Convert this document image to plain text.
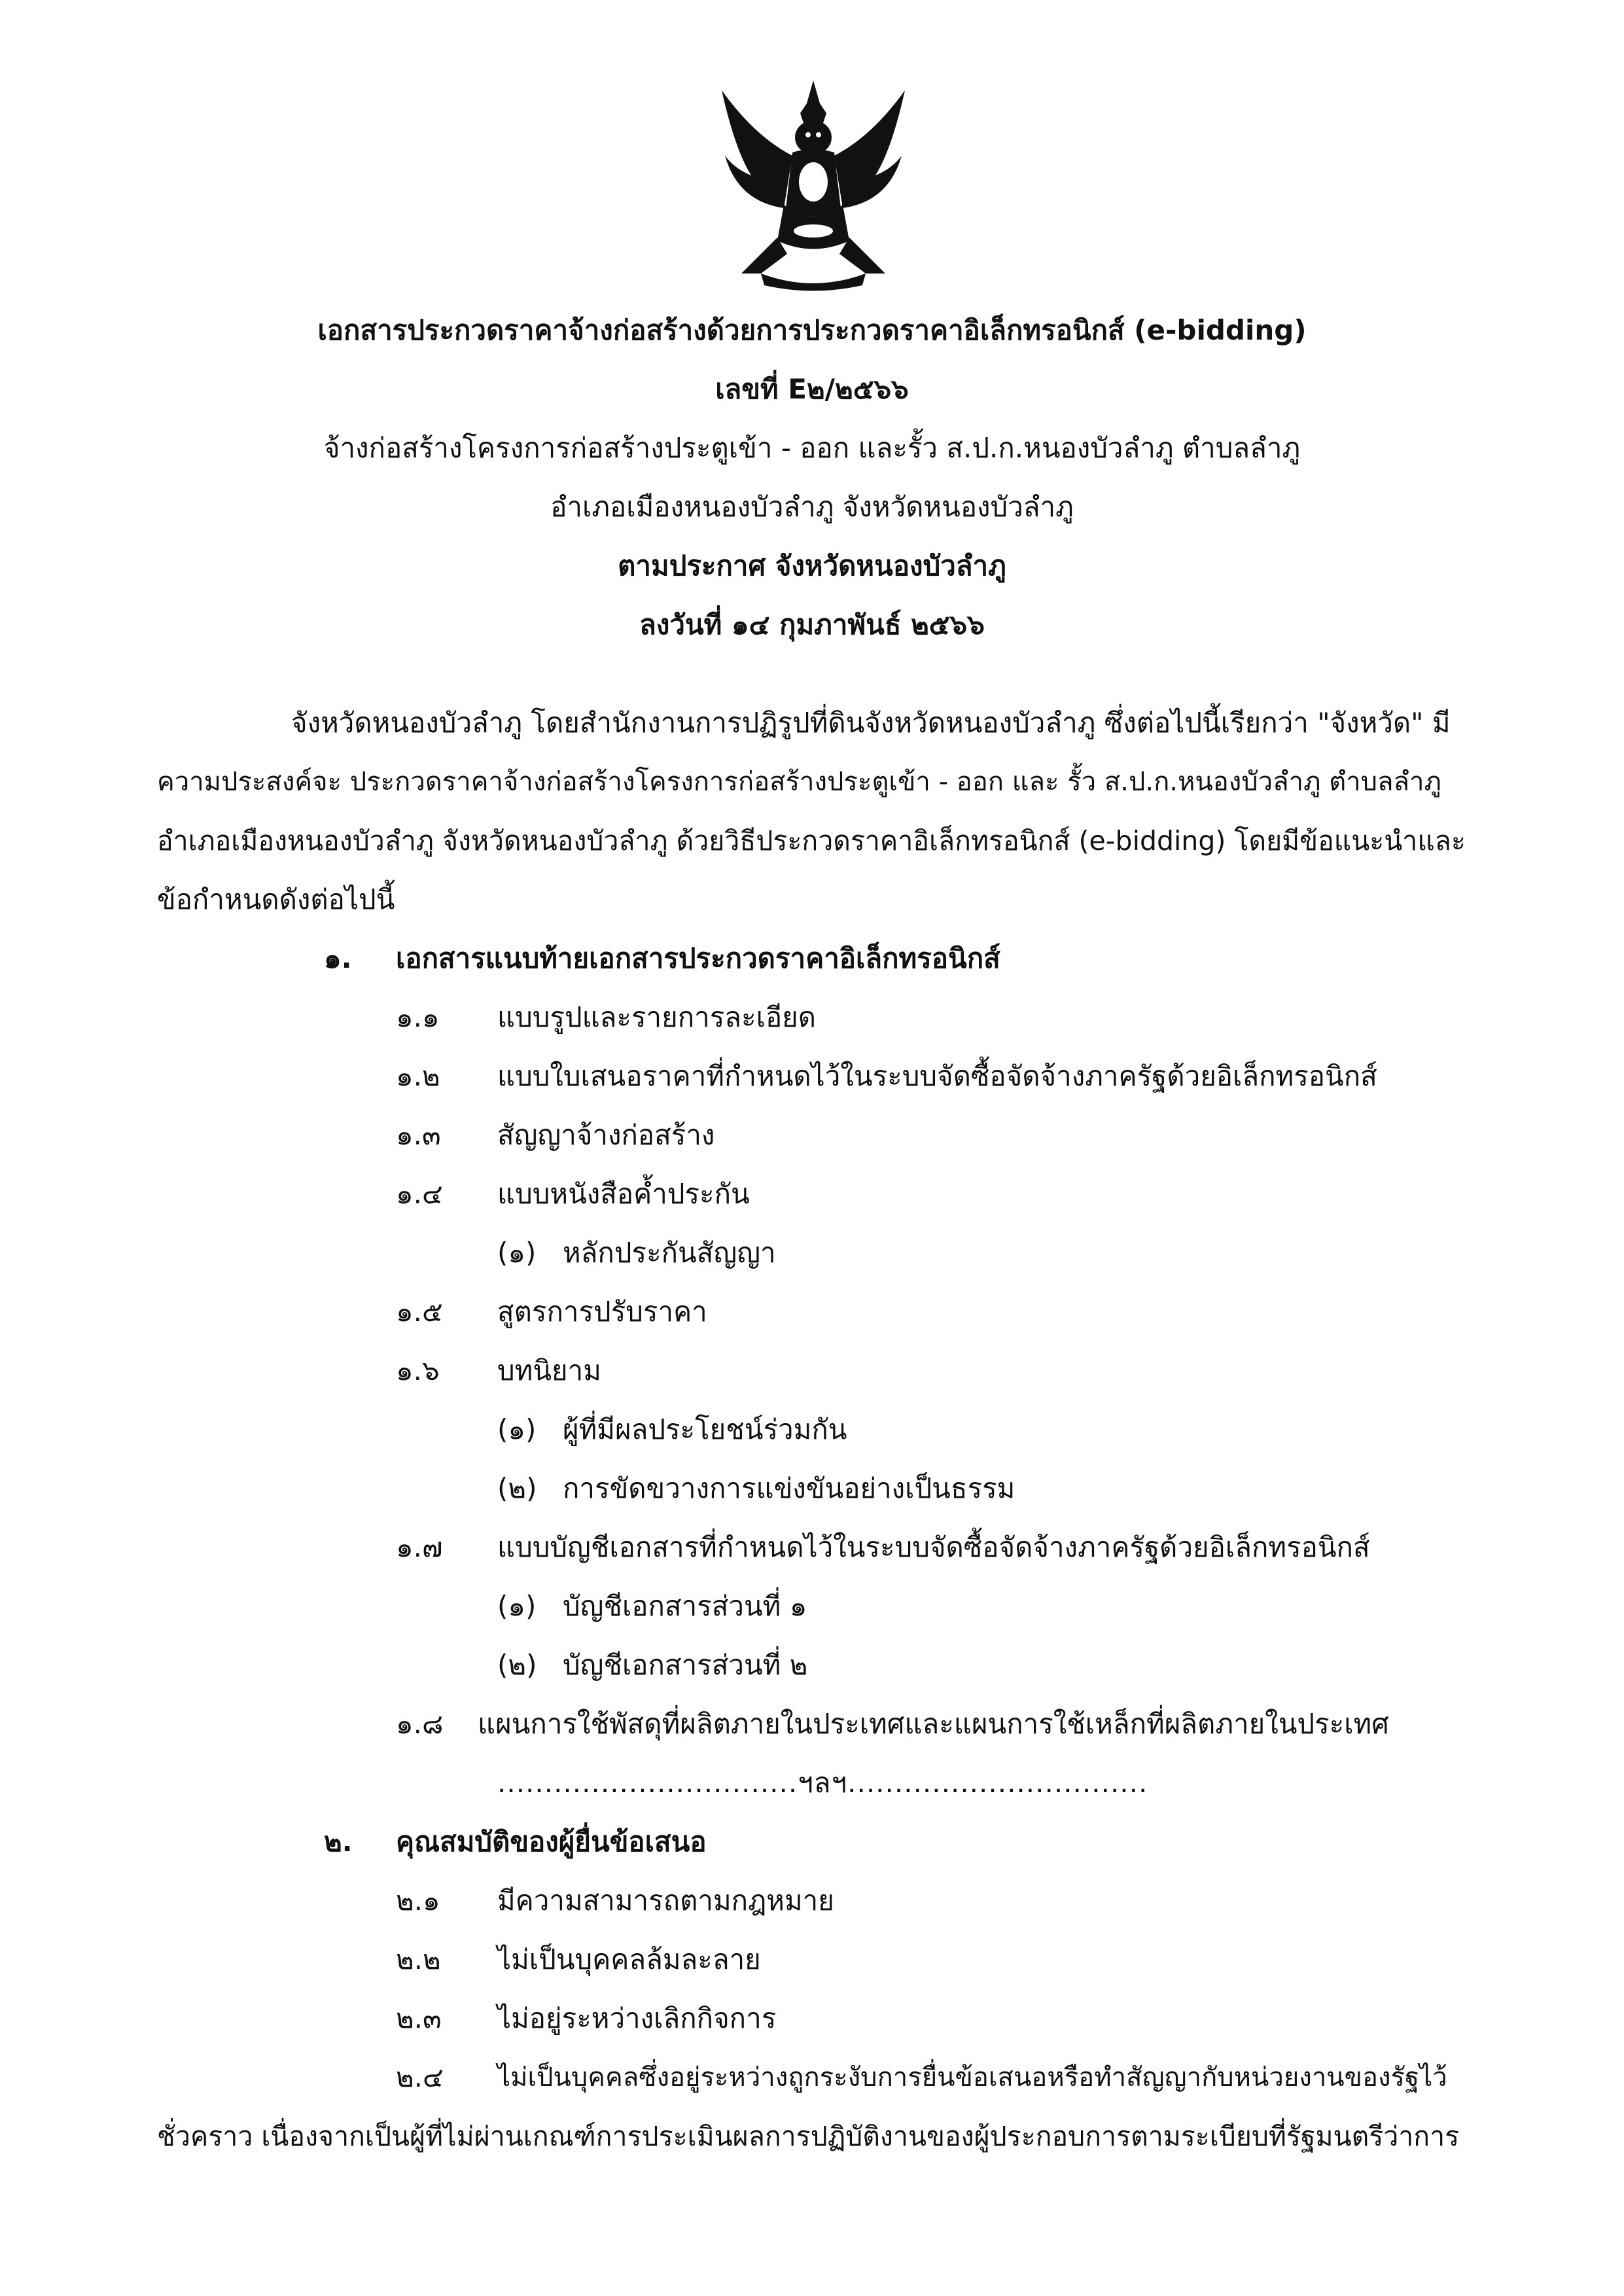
เอกสารประกวดราคาจ้างก่อสร้างด้วยการประกวดราคาอิเล็กทรอนิกส์ (e-bidding)
เลขที่ E๒/๒๕๖๖
จ้างก่อสร้างโครงการก่อสร้างประตูเข้า - ออก และรั้ว ส.ป.ก.หนองบัวลำภู ตำบลลำภู
อำเภอเมืองหนองบัวลำภู จังหวัดหนองบัวลำภู
ตามประกาศ จังหวัดหนองบัวลำภู
ลงวันที่ ๑๔ กุมภาพันธ์ ๒๕๖๖
จังหวัดหนองบัวลำภู โดยสำนักงานการปฏิรูปที่ดินจังหวัดหนองบัวลำภู ซึ่งต่อไปนี้เรียกว่า "จังหวัด" มี
ความประสงค์จะ ประกวดราคาจ้างก่อสร้างโครงการก่อสร้างประตูเข้า - ออก และ รั้ว ส.ป.ก.หนองบัวลำภู ตำบลลำภู
อำเภอเมืองหนองบัวลำภู จังหวัดหนองบัวลำภู ด้วยวิธีประกวดราคาอิเล็กทรอนิกส์ (e-bidding) โดยมีข้อแนะนำและ
ข้อกำหนดดังต่อไปนี้
๑. เอกสารแนบท้ายเอกสารประกวดราคาอิเล็กทรอนิกส์
๑.๑ แบบรูปและรายการละเอียด
๑.๒ แบบใบเสนอราคาที่กำหนดไว้ในระบบจัดซื้อจัดจ้างภาครัฐด้วยอิเล็กทรอนิกส์
๑.๓ สัญญาจ้างก่อสร้าง
๑.๔ แบบหนังสือค้ำประกัน
(๑) หลักประกันสัญญา
๑.๕ สูตรการปรับราคา
๑.๖ บทนิยาม
(๑) ผู้ที่มีผลประโยชน์ร่วมกัน
(๒) การขัดขวางการแข่งขันอย่างเป็นธรรม
๑.๗ แบบบัญชีเอกสารที่กำหนดไว้ในระบบจัดซื้อจัดจ้างภาครัฐด้วยอิเล็กทรอนิกส์
(๑) บัญชีเอกสารส่วนที่ ๑
(๒) บัญชีเอกสารส่วนที่ ๒
๑.๘ แผนการใช้พัสดุที่ผลิตภายในประเทศและแผนการใช้เหล็กที่ผลิตภายในประเทศ
................................ฯลฯ................................
๒. คุณสมบัติของผู้ยื่นข้อเสนอ
๒.๑ มีความสามารถตามกฎหมาย
๒.๒ ไม่เป็นบุคคลล้มละลาย
๒.๓ ไม่อยู่ระหว่างเลิกกิจการ
๒.๔ ไม่เป็นบุคคลซึ่งอยู่ระหว่างถูกระงับการยื่นข้อเสนอหรือทำสัญญากับหน่วยงานของรัฐไว้
ชั่วคราว เนื่องจากเป็นผู้ที่ไม่ผ่านเกณฑ์การประเมินผลการปฏิบัติงานของผู้ประกอบการตามระเบียบที่รัฐมนตรีว่าการ
